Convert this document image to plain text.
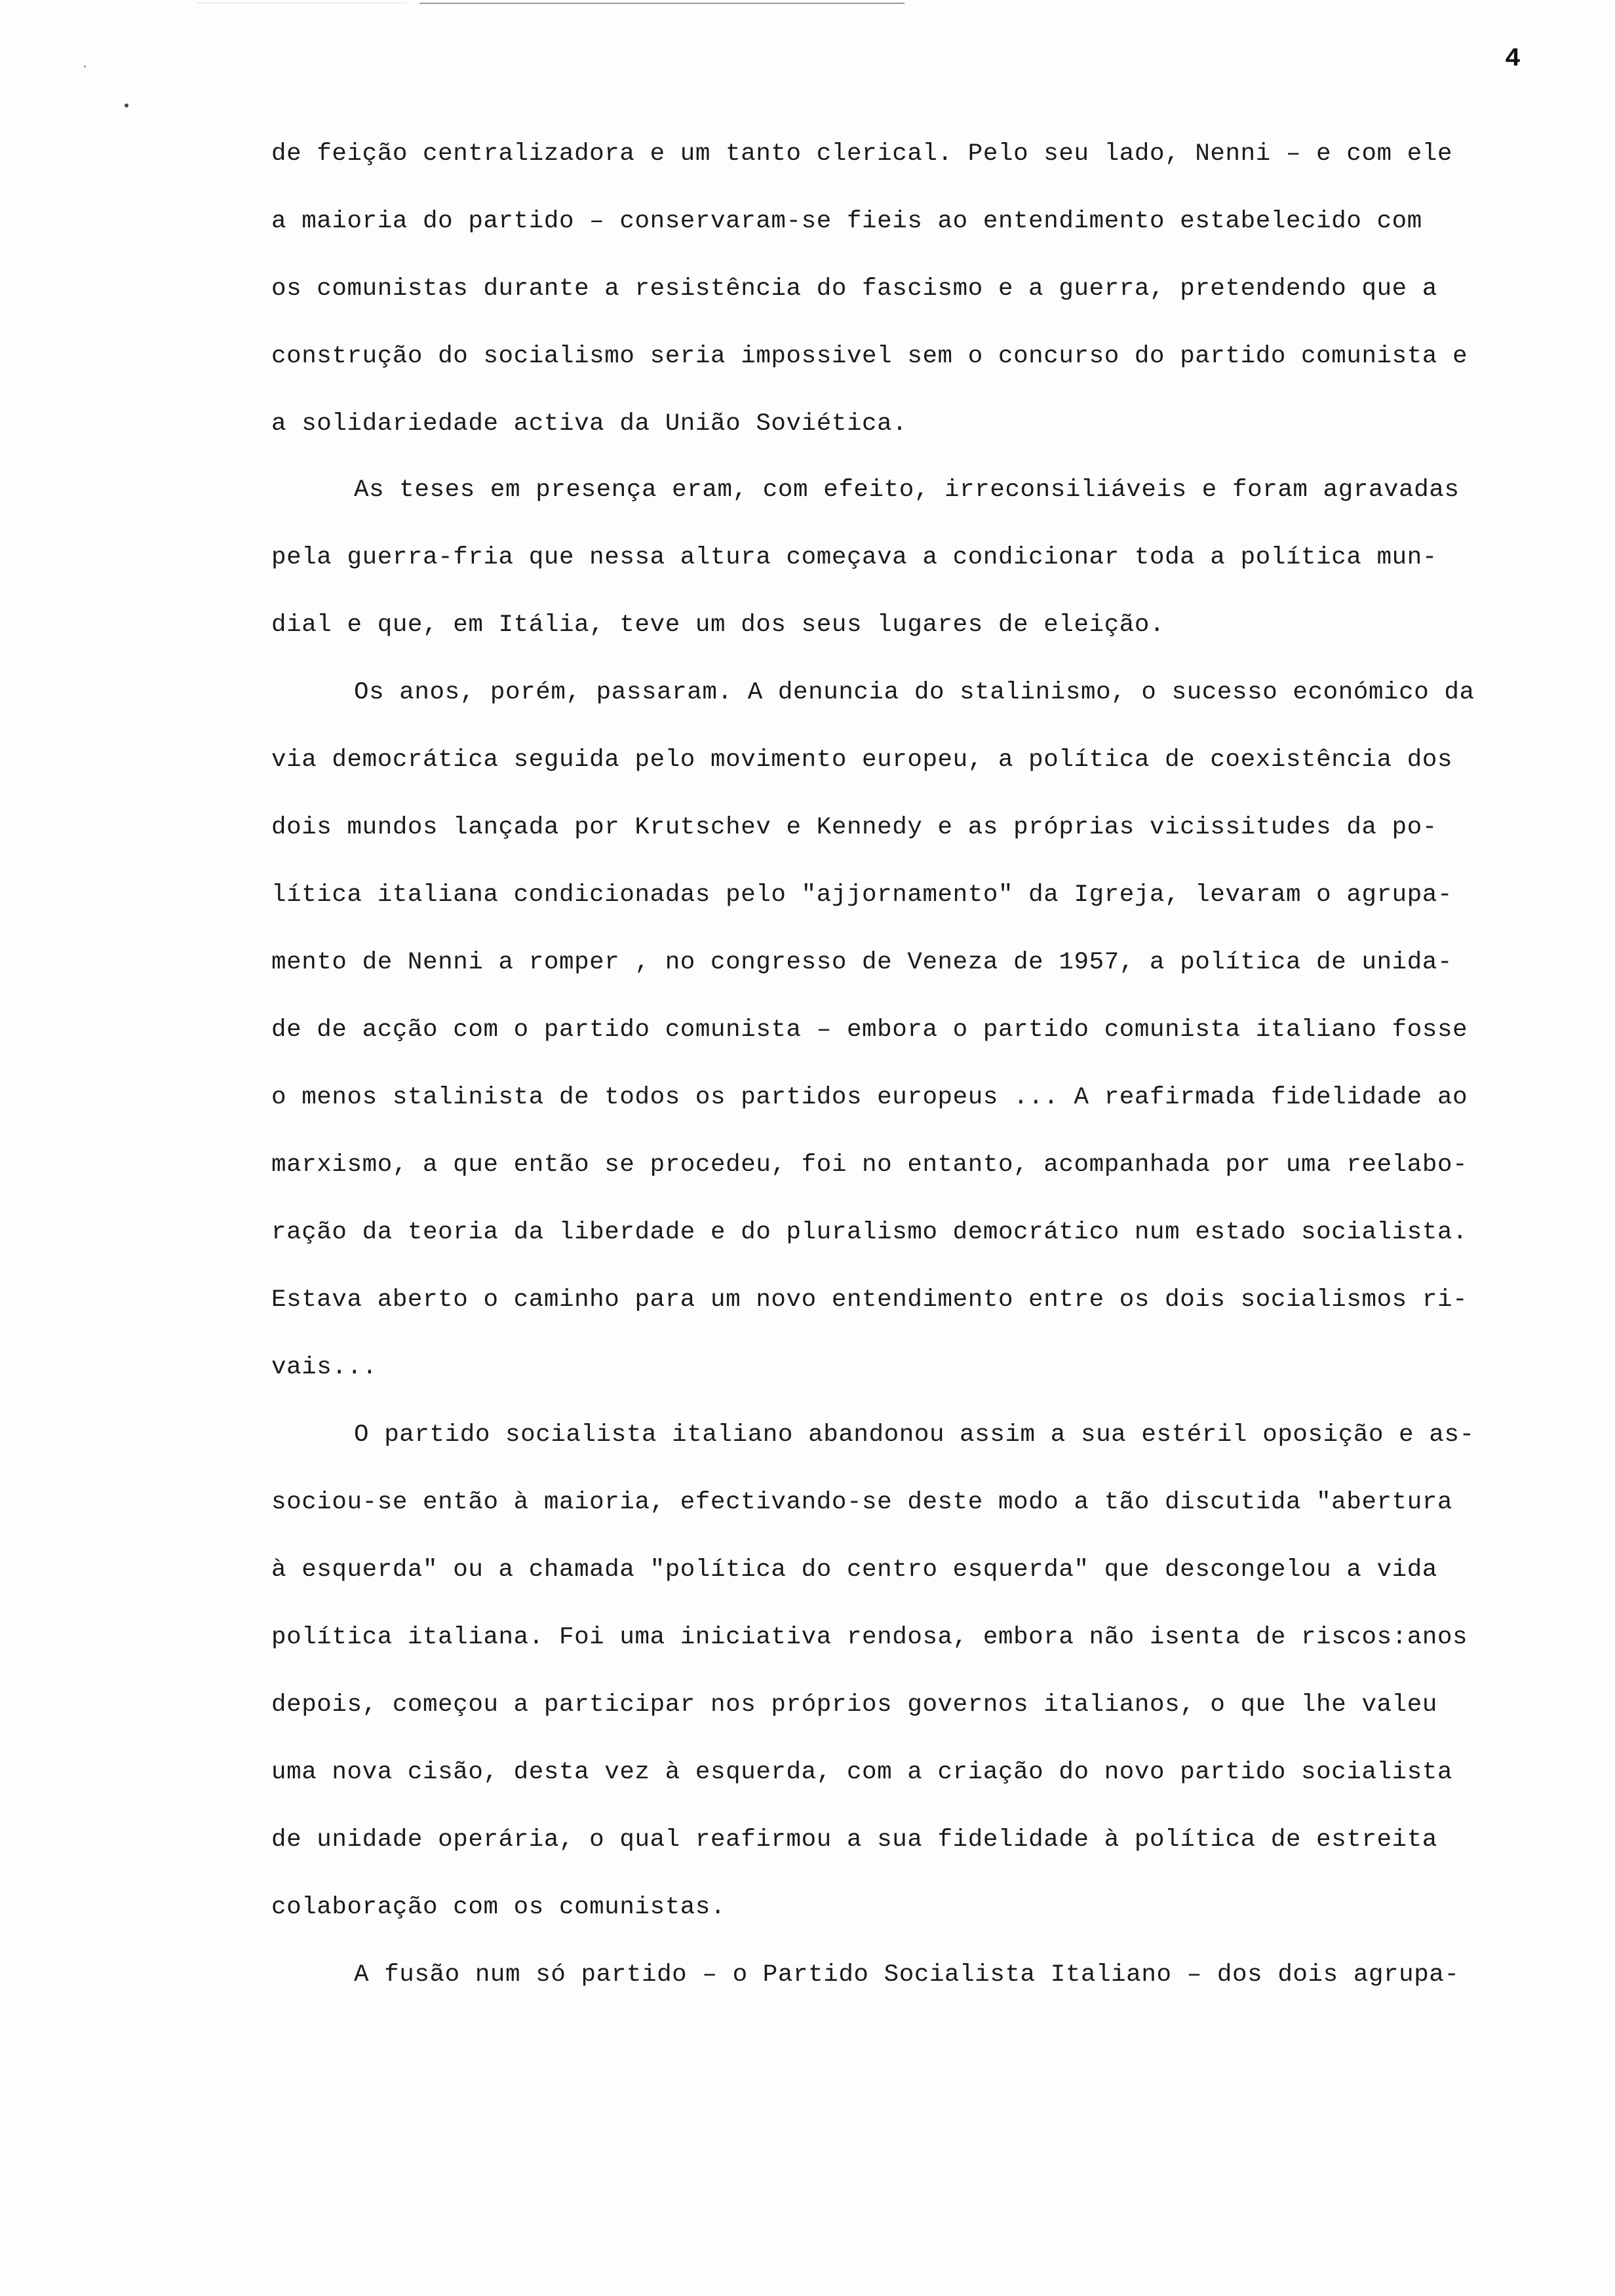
4
de feição centralizadora e um tanto clerical. Pelo seu lado, Nenni – e com ele
a maioria do partido – conservaram-se fieis ao entendimento estabelecido com
os comunistas durante a resistência do fascismo e a guerra, pretendendo que a
construção do socialismo seria impossivel sem o concurso do partido comunista e
a solidariedade activa da União Soviética.
As teses em presença eram, com efeito, irreconsiliáveis e foram agravadas
pela guerra-fria que nessa altura começava a condicionar toda a política mun-
dial e que, em Itália, teve um dos seus lugares de eleição.
Os anos, porém, passaram. A denuncia do stalinismo, o sucesso económico da
via democrática seguida pelo movimento europeu, a política de coexistência dos
dois mundos lançada por Krutschev e Kennedy e as próprias vicissitudes da po-
lítica italiana condicionadas pelo "ajjornamento" da Igreja, levaram o agrupa-
mento de Nenni a romper , no congresso de Veneza de 1957, a política de unida-
de de acção com o partido comunista – embora o partido comunista italiano fosse
o menos stalinista de todos os partidos europeus ... A reafirmada fidelidade ao
marxismo, a que então se procedeu, foi no entanto, acompanhada por uma reelabo-
ração da teoria da liberdade e do pluralismo democrático num estado socialista.
Estava aberto o caminho para um novo entendimento entre os dois socialismos ri-
vais...
O partido socialista italiano abandonou assim a sua estéril oposição e as-
sociou-se então à maioria, efectivando-se deste modo a tão discutida "abertura
à esquerda" ou a chamada "política do centro esquerda" que descongelou a vida
política italiana. Foi uma iniciativa rendosa, embora não isenta de riscos:anos
depois, começou a participar nos próprios governos italianos, o que lhe valeu
uma nova cisão, desta vez à esquerda, com a criação do novo partido socialista
de unidade operária, o qual reafirmou a sua fidelidade à política de estreita
colaboração com os comunistas.
A fusão num só partido – o Partido Socialista Italiano – dos dois agrupa-
